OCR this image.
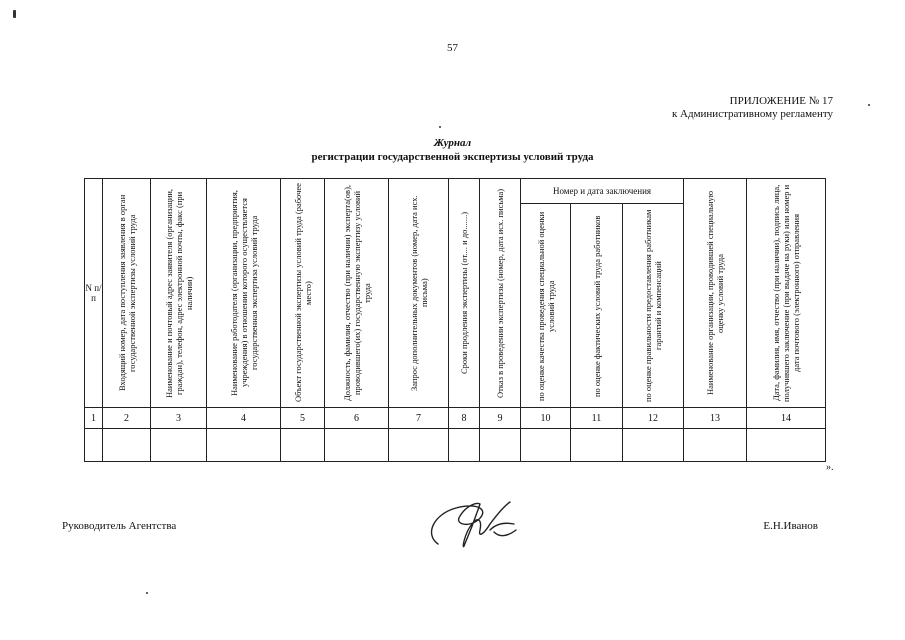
57
ПРИЛОЖЕНИЕ № 17
к Административному регламенту
Журнал
регистрации государственной экспертизы условий труда
N п/п	Входящий номер, дата поступления заявления в орган государственной экспертизы условий труда	Наименование и почтовый адрес заявителя (организации, граждан), телефон, адрес электронной почты, факс (при наличии)	Наименование работодателя (организации, предприятия, учреждения) в отношении которого осуществляется государственная экспертиза условий труда	Объект государственной экспертизы условий труда (рабочее место)	Должность, фамилия, отчество (при наличии) эксперта(ов), проводившего(их) государственную экспертизу условий труда	Запрос дополнительных документов (номер, дата исх. письма)	Сроки продления экспертизы (от.... и до.......)	Отказ в проведении экспертизы (номер, дата исх. письма)	Номер и дата заключения			Наименование организации, проводившей специальную оценку условий труда	Дата, фамилия, имя, отчество (при наличии), подпись лица, получившего заключение (при выдаче на руки) или номер и дата почтового (электронного) отправления

									по оценке качества проведения специальной оценки условий труда	по оценке фактических условий труда работников	по оценке правильности предоставления работникам гарантий и компенсаций		

1	2	3	4	5	6	7	8	9	10	11	12	13	14

».
Руководитель Агентства	Е.Н.Иванов
